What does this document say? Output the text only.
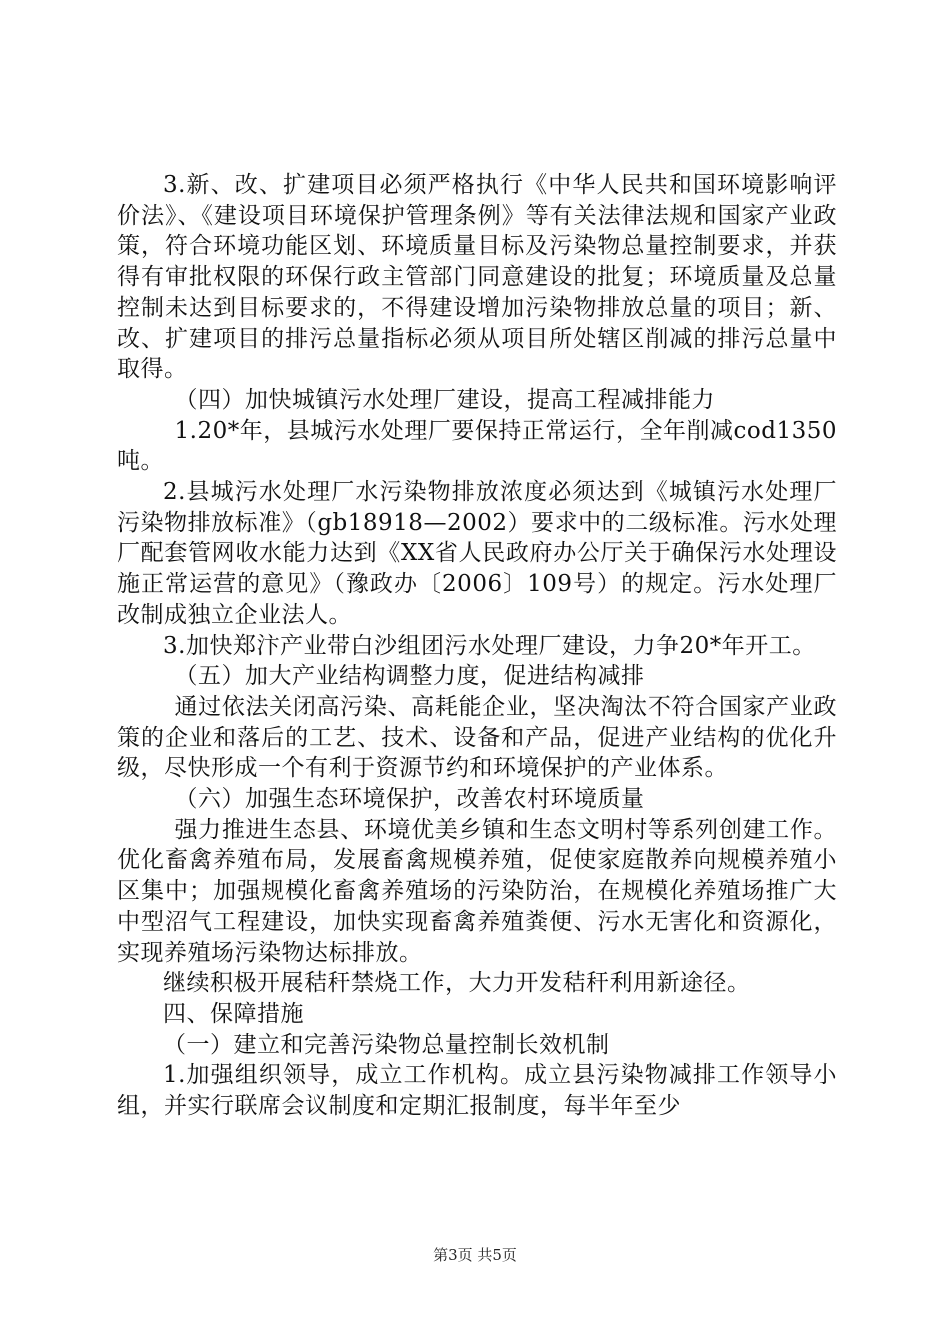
3.新、改、扩建项目必须严格执行《中华人民共和国环境影响评价法》、《建设项目环境保护管理条例》等有关法律法规和国家产业政策，符合环境功能区划、环境质量目标及污染物总量控制要求，并获得有审批权限的环保行政主管部门同意建设的批复；环境质量及总量控制未达到目标要求的，不得建设增加污染物排放总量的项目；新、改、扩建项目的排污总量指标必须从项目所处辖区削减的排污总量中取得。

（四）加快城镇污水处理厂建设，提高工程减排能力

1.20*年，县城污水处理厂要保持正常运行，全年削减cod1350吨。

2.县城污水处理厂水污染物排放浓度必须达到《城镇污水处理厂污染物排放标准》（gb18918—2002）要求中的二级标准。污水处理厂配套管网收水能力达到《XX省人民政府办公厅关于确保污水处理设施正常运营的意见》（豫政办〔2006〕109号）的规定。污水处理厂改制成独立企业法人。

3.加快郑汴产业带白沙组团污水处理厂建设，力争20*年开工。

（五）加大产业结构调整力度，促进结构减排

通过依法关闭高污染、高耗能企业，坚决淘汰不符合国家产业政策的企业和落后的工艺、技术、设备和产品，促进产业结构的优化升级，尽快形成一个有利于资源节约和环境保护的产业体系。

（六）加强生态环境保护，改善农村环境质量

强力推进生态县、环境优美乡镇和生态文明村等系列创建工作。优化畜禽养殖布局，发展畜禽规模养殖，促使家庭散养向规模养殖小区集中；加强规模化畜禽养殖场的污染防治，在规模化养殖场推广大中型沼气工程建设，加快实现畜禽养殖粪便、污水无害化和资源化，实现养殖场污染物达标排放。

继续积极开展秸秆禁烧工作，大力开发秸秆利用新途径。

四、保障措施

（一）建立和完善污染物总量控制长效机制

1.加强组织领导，成立工作机构。成立县污染物减排工作领导小组，并实行联席会议制度和定期汇报制度，每半年至少

第3页 共5页
